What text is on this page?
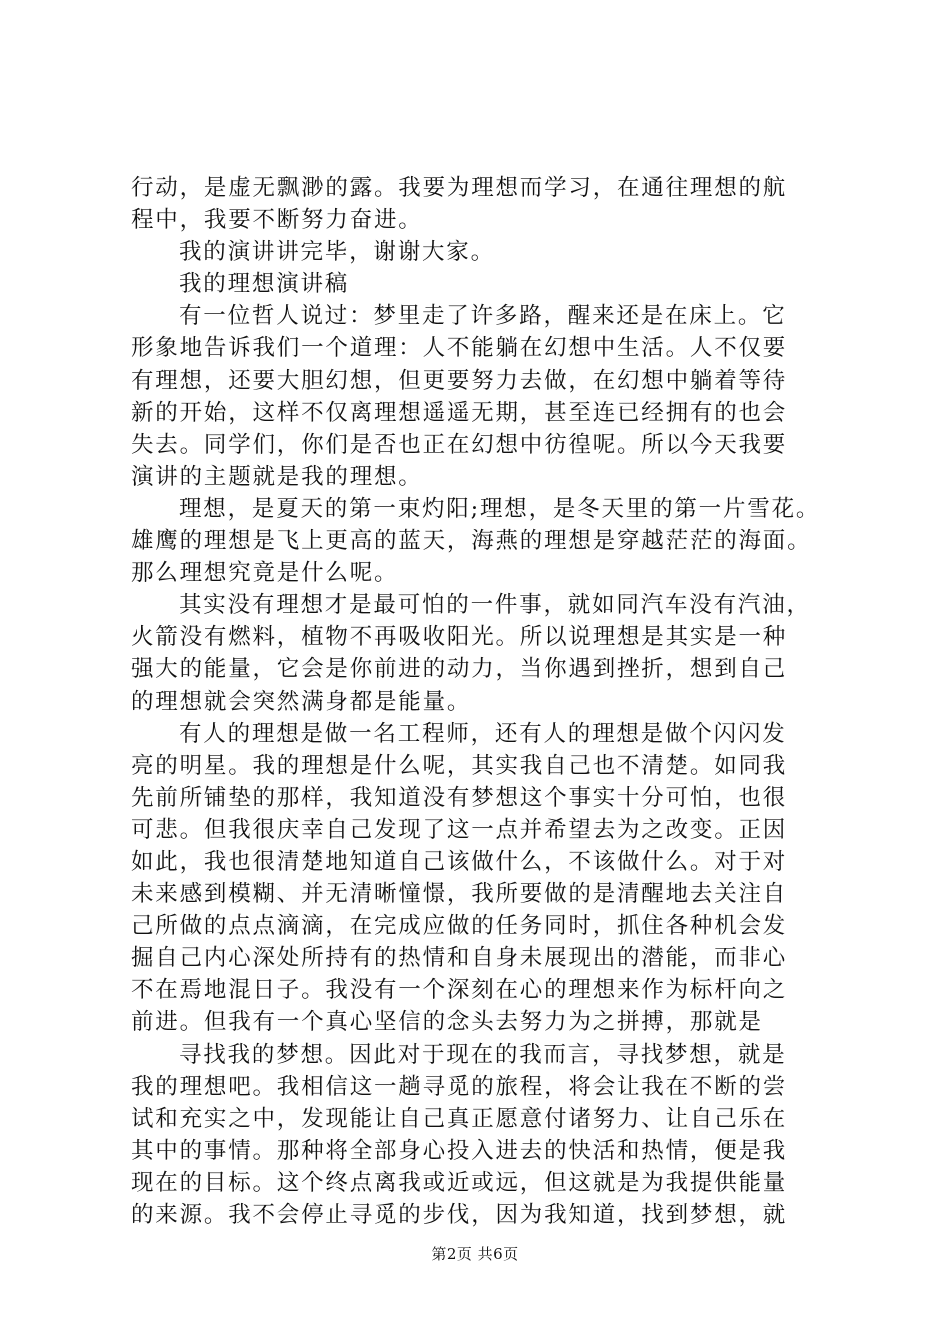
行动，是虚无飘渺的露。我要为理想而学习，在通往理想的航
程中，我要不断努力奋进。
我的演讲讲完毕，谢谢大家。
我的理想演讲稿
有一位哲人说过：梦里走了许多路，醒来还是在床上。它
形象地告诉我们一个道理：人不能躺在幻想中生活。人不仅要
有理想，还要大胆幻想，但更要努力去做，在幻想中躺着等待
新的开始，这样不仅离理想遥遥无期，甚至连已经拥有的也会
失去。同学们，你们是否也正在幻想中彷徨呢。所以今天我要
演讲的主题就是我的理想。
理想，是夏天的第一束灼阳;理想，是冬天里的第一片雪花。
雄鹰的理想是飞上更高的蓝天，海燕的理想是穿越茫茫的海面。
那么理想究竟是什么呢。
其实没有理想才是最可怕的一件事，就如同汽车没有汽油，
火箭没有燃料，植物不再吸收阳光。所以说理想是其实是一种
强大的能量，它会是你前进的动力，当你遇到挫折，想到自己
的理想就会突然满身都是能量。
有人的理想是做一名工程师，还有人的理想是做个闪闪发
亮的明星。我的理想是什么呢，其实我自己也不清楚。如同我
先前所铺垫的那样，我知道没有梦想这个事实十分可怕，也很
可悲。但我很庆幸自己发现了这一点并希望去为之改变。正因
如此，我也很清楚地知道自己该做什么，不该做什么。对于对
未来感到模糊、并无清晰憧憬，我所要做的是清醒地去关注自
己所做的点点滴滴，在完成应做的任务同时，抓住各种机会发
掘自己内心深处所持有的热情和自身未展现出的潜能，而非心
不在焉地混日子。我没有一个深刻在心的理想来作为标杆向之
前进。但我有一个真心坚信的念头去努力为之拼搏，那就是
寻找我的梦想。因此对于现在的我而言，寻找梦想，就是
我的理想吧。我相信这一趟寻觅的旅程，将会让我在不断的尝
试和充实之中，发现能让自己真正愿意付诸努力、让自己乐在
其中的事情。那种将全部身心投入进去的快活和热情，便是我
现在的目标。这个终点离我或近或远，但这就是为我提供能量
的来源。我不会停止寻觅的步伐，因为我知道，找到梦想，就
第2页 共6页
